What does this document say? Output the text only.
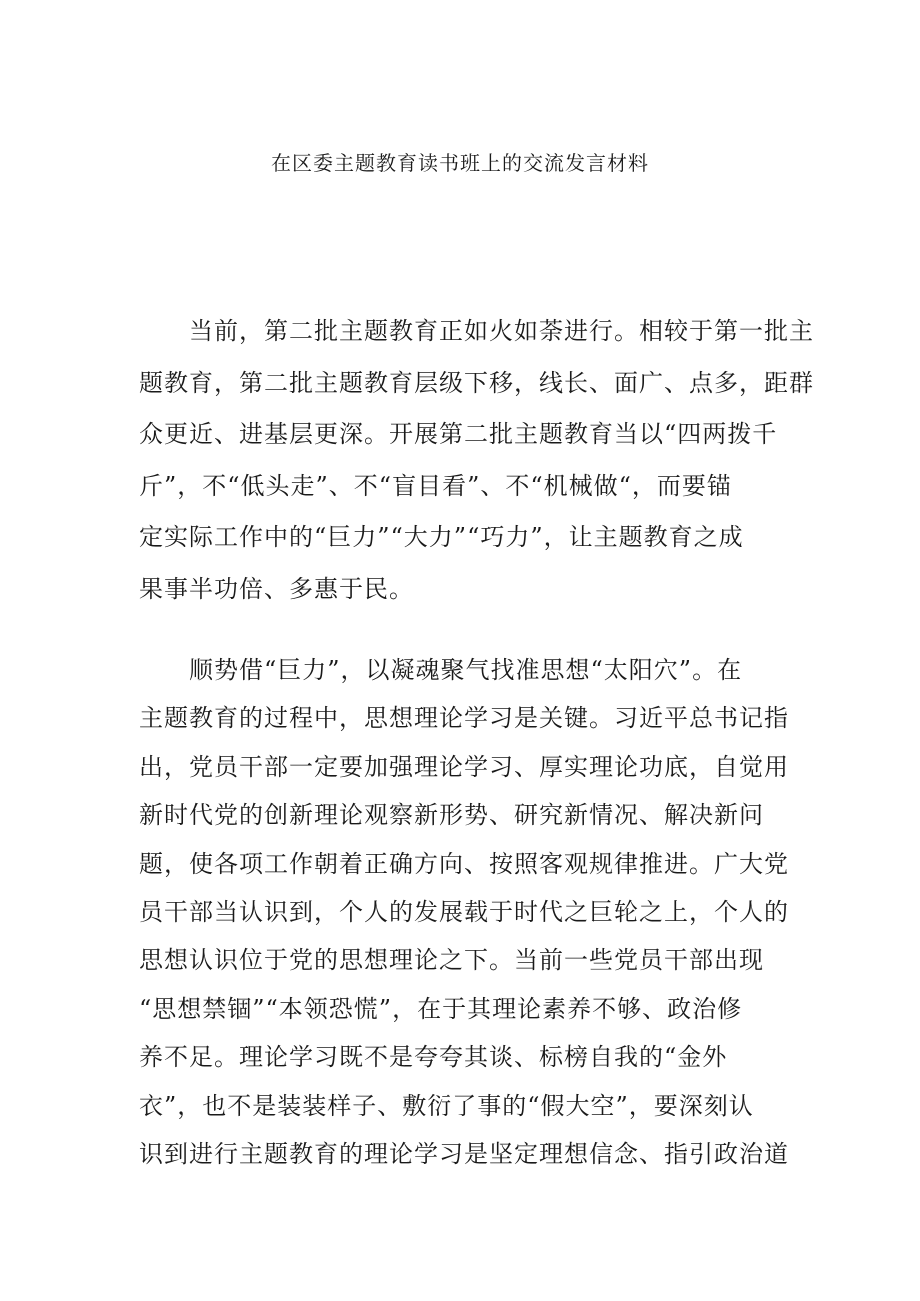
在区委主题教育读书班上的交流发言材料
　　当前，第二批主题教育正如火如荼进行。相较于第一批主
题教育，第二批主题教育层级下移，线长、面广、点多，距群
众更近、进基层更深。开展第二批主题教育当以“四两拨千
斤”，不“低头走”、不“盲目看”、不“机械做“，而要锚
定实际工作中的“巨力”“大力”“巧力”，让主题教育之成
果事半功倍、多惠于民。
　　顺势借“巨力”，以凝魂聚气找准思想“太阳穴”。在
主题教育的过程中，思想理论学习是关键。习近平总书记指
出，党员干部一定要加强理论学习、厚实理论功底，自觉用
新时代党的创新理论观察新形势、研究新情况、解决新问
题，使各项工作朝着正确方向、按照客观规律推进。广大党
员干部当认识到，个人的发展载于时代之巨轮之上，个人的
思想认识位于党的思想理论之下。当前一些党员干部出现
“思想禁锢”“本领恐慌”，在于其理论素养不够、政治修
养不足。理论学习既不是夸夸其谈、标榜自我的“金外
衣”，也不是装装样子、敷衍了事的“假大空”，要深刻认
识到进行主题教育的理论学习是坚定理想信念、指引政治道
